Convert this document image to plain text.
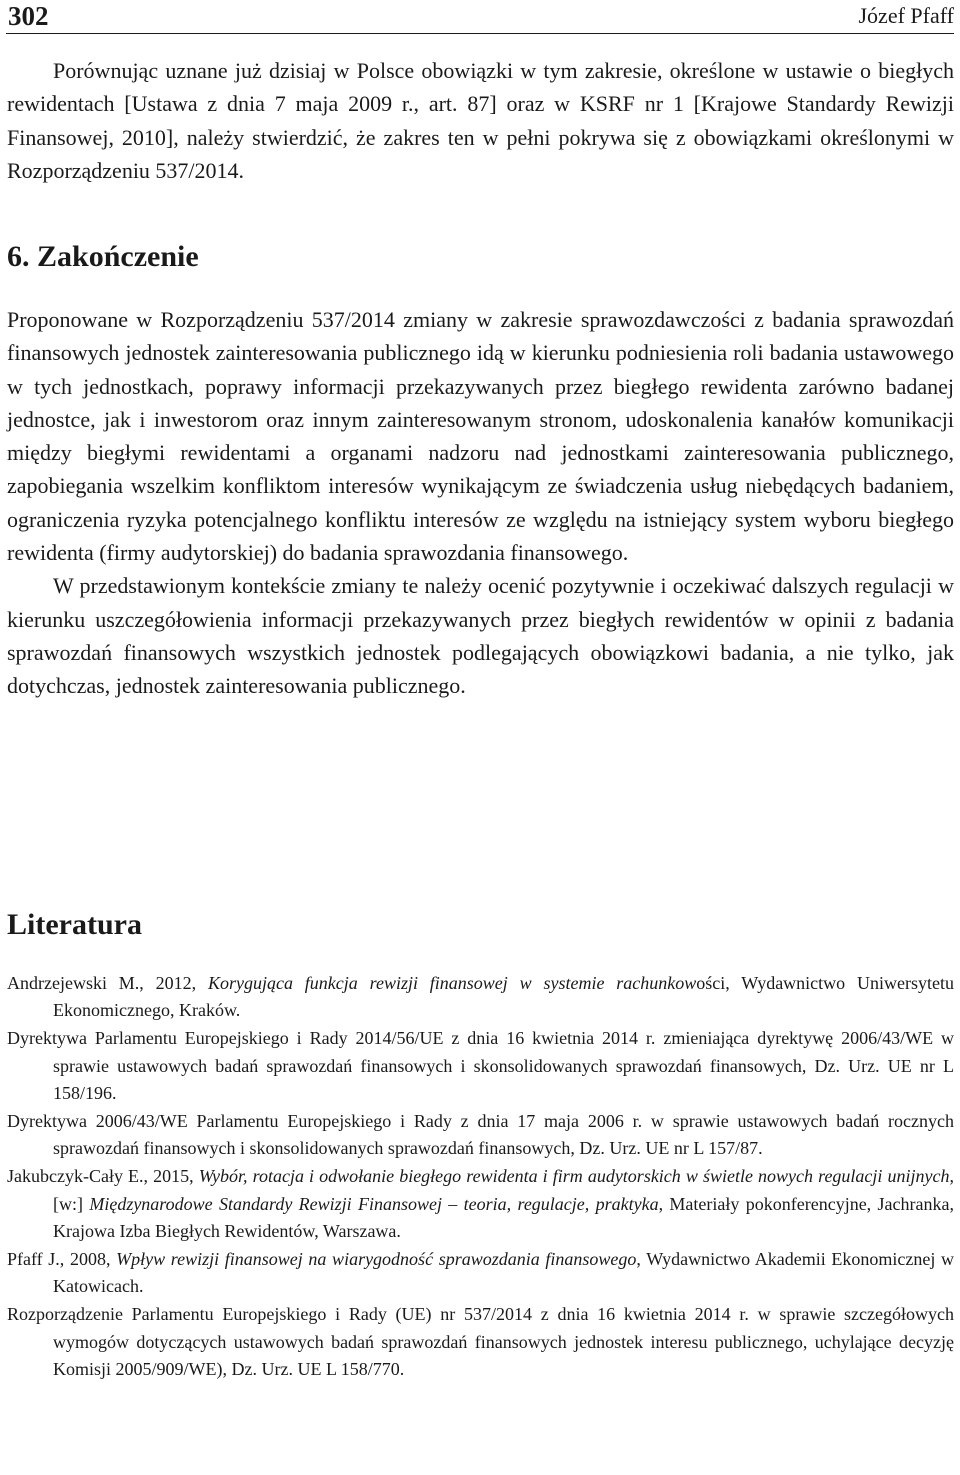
302	Józef Pfaff

Porównując uznane już dzisiaj w Polsce obowiązki w tym zakresie, określone w ustawie o biegłych rewidentach [Ustawa z dnia 7 maja 2009 r., art. 87] oraz w KSRF nr 1 [Krajowe Standardy Rewizji Finansowej, 2010], należy stwierdzić, że zakres ten w pełni pokrywa się z obowiązkami określonymi w Rozporządzeniu 537/2014.

6. Zakończenie

Proponowane w Rozporządzeniu 537/2014 zmiany w zakresie sprawozdawczości z badania sprawozdań finansowych jednostek zainteresowania publicznego idą w kierunku podniesienia roli badania ustawowego w tych jednostkach, poprawy informacji przekazywanych przez biegłego rewidenta zarówno badanej jednostce, jak i inwestorom oraz innym zainteresowanym stronom, udoskonalenia kanałów komunikacji między biegłymi rewidentami a organami nadzoru nad jednostkami zainteresowania publicznego, zapobiegania wszelkim konfliktom interesów wynikającym ze świadczenia usług niebędących badaniem, ograniczenia ryzyka potencjalnego konfliktu interesów ze względu na istniejący system wyboru biegłego rewidenta (firmy audytorskiej) do badania sprawozdania finansowego.

W przedstawionym kontekście zmiany te należy ocenić pozytywnie i oczekiwać dalszych regulacji w kierunku uszczegółowienia informacji przekazywanych przez biegłych rewidentów w opinii z badania sprawozdań finansowych wszystkich jednostek podlegających obowiązkowi badania, a nie tylko, jak dotychczas, jednostek zainteresowania publicznego.

Literatura

Andrzejewski M., 2012, Korygująca funkcja rewizji finansowej w systemie rachunkowości, Wydawnictwo Uniwersytetu Ekonomicznego, Kraków.

Dyrektywa Parlamentu Europejskiego i Rady 2014/56/UE z dnia 16 kwietnia 2014 r. zmieniająca dyrektywę 2006/43/WE w sprawie ustawowych badań sprawozdań finansowych i skonsolidowanych sprawozdań finansowych, Dz. Urz. UE nr L 158/196.

Dyrektywa 2006/43/WE Parlamentu Europejskiego i Rady z dnia 17 maja 2006 r. w sprawie ustawowych badań rocznych sprawozdań finansowych i skonsolidowanych sprawozdań finansowych, Dz. Urz. UE nr L 157/87.

Jakubczyk-Cały E., 2015, Wybór, rotacja i odwołanie biegłego rewidenta i firm audytorskich w świetle nowych regulacji unijnych, [w:] Międzynarodowe Standardy Rewizji Finansowej – teoria, regulacje, praktyka, Materiały pokonferencyjne, Jachranka, Krajowa Izba Biegłych Rewidentów, Warszawa.

Pfaff J., 2008, Wpływ rewizji finansowej na wiarygodność sprawozdania finansowego, Wydawnictwo Akademii Ekonomicznej w Katowicach.

Rozporządzenie Parlamentu Europejskiego i Rady (UE) nr 537/2014 z dnia 16 kwietnia 2014 r. w sprawie szczegółowych wymogów dotyczących ustawowych badań sprawozdań finansowych jednostek interesu publicznego, uchylające decyzję Komisji 2005/909/WE), Dz. Urz. UE L 158/770.
